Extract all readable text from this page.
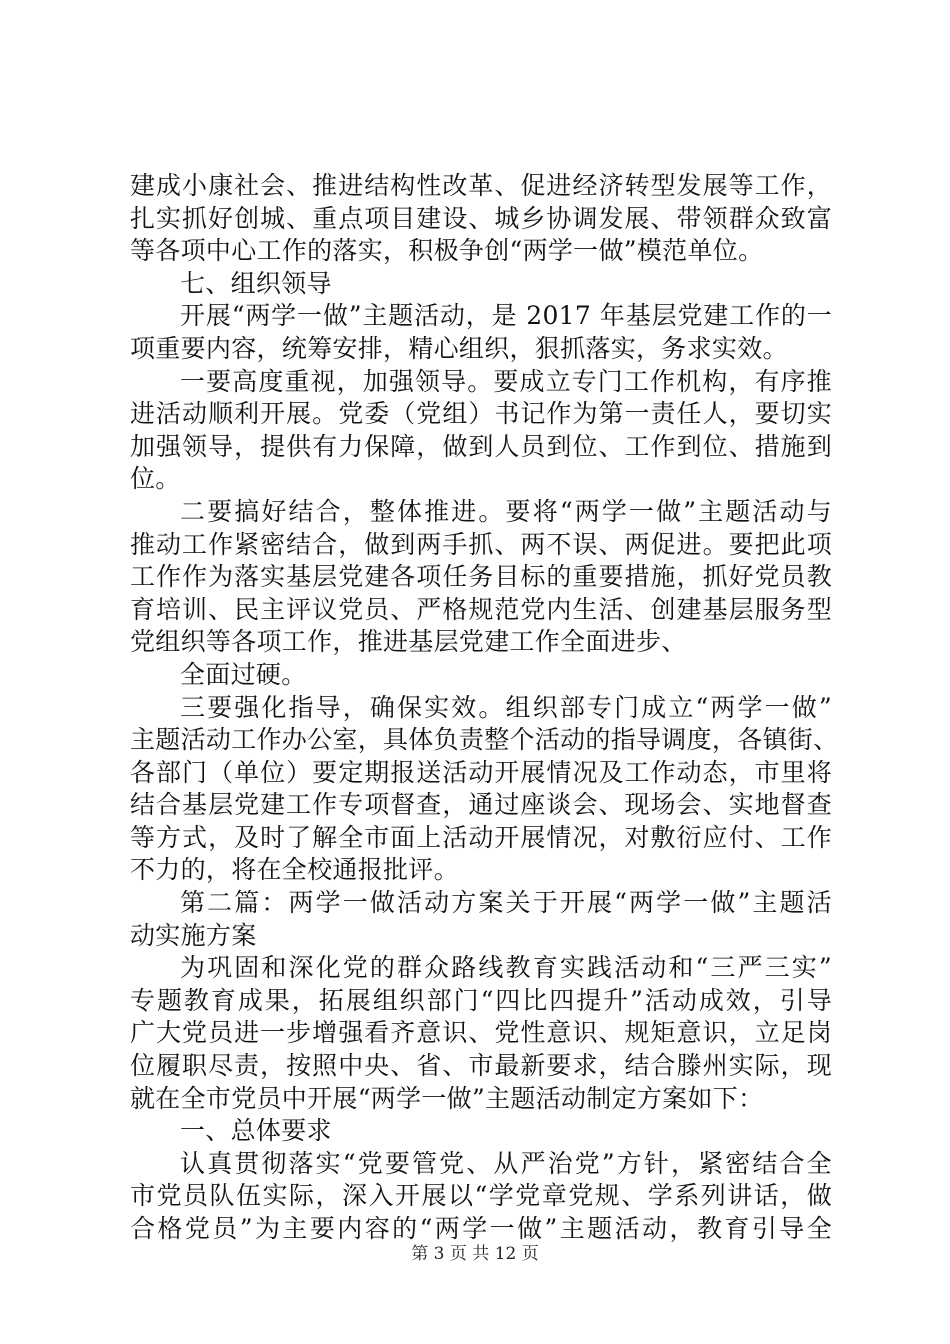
建成小康社会、推进结构性改革、促进经济转型发展等工作，
扎实抓好创城、重点项目建设、城乡协调发展、带领群众致富
等各项中心工作的落实，积极争创“两学一做”模范单位。
七、组织领导
开展“两学一做”主题活动，是 2017 年基层党建工作的一
项重要内容，统筹安排，精心组织，狠抓落实，务求实效。
一要高度重视，加强领导。要成立专门工作机构，有序推
进活动顺利开展。党委（党组）书记作为第一责任人，要切实
加强领导，提供有力保障，做到人员到位、工作到位、措施到
位。
二要搞好结合，整体推进。要将“两学一做”主题活动与
推动工作紧密结合，做到两手抓、两不误、两促进。要把此项
工作作为落实基层党建各项任务目标的重要措施，抓好党员教
育培训、民主评议党员、严格规范党内生活、创建基层服务型
党组织等各项工作，推进基层党建工作全面进步、
全面过硬。
三要强化指导，确保实效。组织部专门成立“两学一做”
主题活动工作办公室，具体负责整个活动的指导调度，各镇街、
各部门（单位）要定期报送活动开展情况及工作动态，市里将
结合基层党建工作专项督查，通过座谈会、现场会、实地督查
等方式，及时了解全市面上活动开展情况，对敷衍应付、工作
不力的，将在全校通报批评。
第二篇：两学一做活动方案关于开展“两学一做”主题活
动实施方案
为巩固和深化党的群众路线教育实践活动和“三严三实”
专题教育成果，拓展组织部门“四比四提升”活动成效，引导
广大党员进一步增强看齐意识、党性意识、规矩意识，立足岗
位履职尽责，按照中央、省、市最新要求，结合滕州实际，现
就在全市党员中开展“两学一做”主题活动制定方案如下：
一、总体要求
认真贯彻落实“党要管党、从严治党”方针，紧密结合全
市党员队伍实际，深入开展以“学党章党规、学系列讲话，做
合格党员”为主要内容的“两学一做”主题活动，教育引导全
第 3 页 共 12 页
